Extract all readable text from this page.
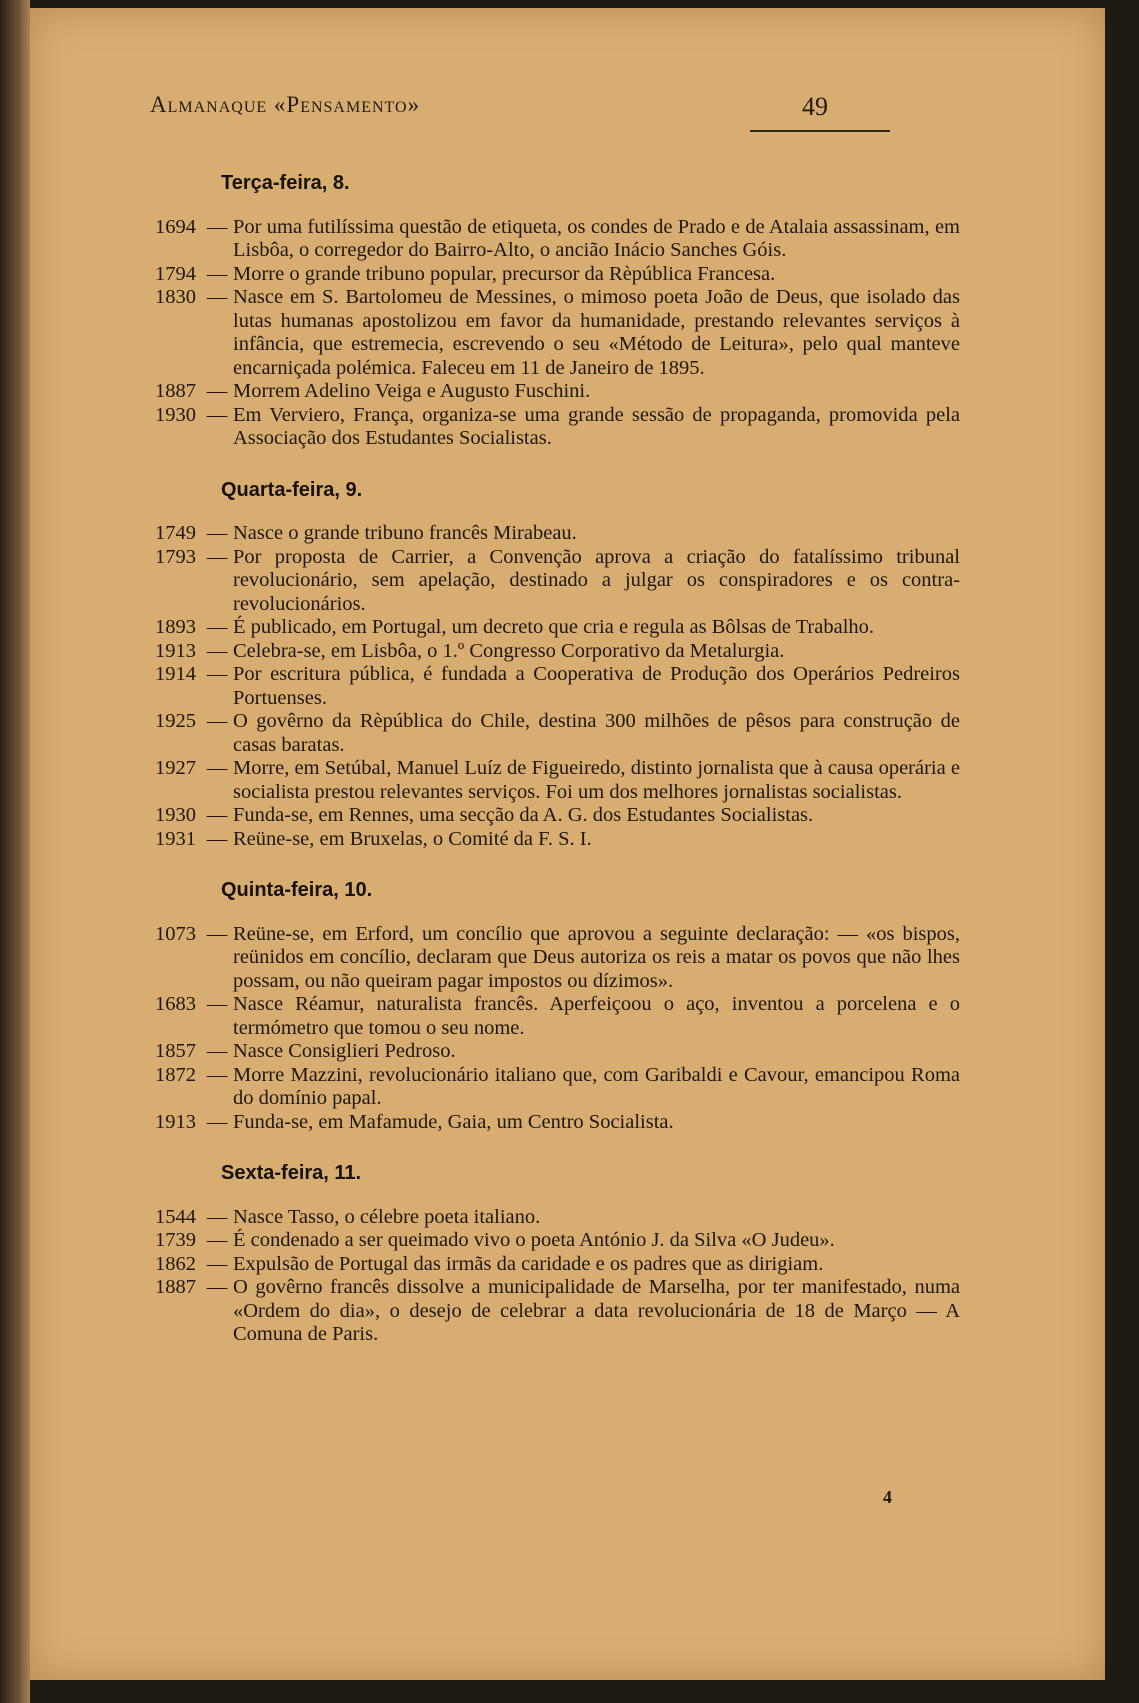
Almanaque «Pensamento»	49
Terça-feira, 8.
1694 — Por uma futilíssima questão de etiqueta, os condes de Prado e de Atalaia assassinam, em Lisbôa, o corregedor do Bairro-Alto, o ancião Inácio Sanches Góis.
1794 — Morre o grande tribuno popular, precursor da Rèpública Francesa.
1830 — Nasce em S. Bartolomeu de Messines, o mimoso poeta João de Deus, que isolado das lutas humanas apostolizou em favor da humanidade, prestando relevantes serviços à infância, que estremecia, escrevendo o seu «Método de Leitura», pelo qual manteve encarniçada polémica. Faleceu em 11 de Janeiro de 1895.
1887 — Morrem Adelino Veiga e Augusto Fuschini.
1930 — Em Verviero, França, organiza-se uma grande sessão de propaganda, promovida pela Associação dos Estudantes Socialistas.
Quarta-feira, 9.
1749 — Nasce o grande tribuno francês Mirabeau.
1793 — Por proposta de Carrier, a Convenção aprova a criação do fatalíssimo tribunal revolucionário, sem apelação, destinado a julgar os conspiradores e os contra-revolucionários.
1893 — É publicado, em Portugal, um decreto que cria e regula as Bôlsas de Trabalho.
1913 — Celebra-se, em Lisbôa, o 1.º Congresso Corporativo da Metalurgia.
1914 — Por escritura pública, é fundada a Cooperativa de Produção dos Operários Pedreiros Portuenses.
1925 — O govêrno da Rèpública do Chile, destina 300 milhões de pêsos para construção de casas baratas.
1927 — Morre, em Setúbal, Manuel Luíz de Figueiredo, distinto jornalista que à causa operária e socialista prestou relevantes serviços. Foi um dos melhores jornalistas socialistas.
1930 — Funda-se, em Rennes, uma secção da A. G. dos Estudantes Socialistas.
1931 — Reüne-se, em Bruxelas, o Comité da F. S. I.
Quinta-feira, 10.
1073 — Reüne-se, em Erford, um concílio que aprovou a seguinte declaração: — «os bispos, reünidos em concílio, declaram que Deus autoriza os reis a matar os povos que não lhes possam, ou não queiram pagar impostos ou dízimos».
1683 — Nasce Réamur, naturalista francês. Aperfeiçoou o aço, inventou a porcelena e o termómetro que tomou o seu nome.
1857 — Nasce Consiglieri Pedroso.
1872 — Morre Mazzini, revolucionário italiano que, com Garibaldi e Cavour, emancipou Roma do domínio papal.
1913 — Funda-se, em Mafamude, Gaia, um Centro Socialista.
Sexta-feira, 11.
1544 — Nasce Tasso, o célebre poeta italiano.
1739 — É condenado a ser queimado vivo o poeta António J. da Silva «O Judeu».
1862 — Expulsão de Portugal das irmãs da caridade e os padres que as dirigiam.
1887 — O govêrno francês dissolve a municipalidade de Marselha, por ter manifestado, numa «Ordem do dia», o desejo de celebrar a data revolucionária de 18 de Março — A Comuna de Paris.
4
